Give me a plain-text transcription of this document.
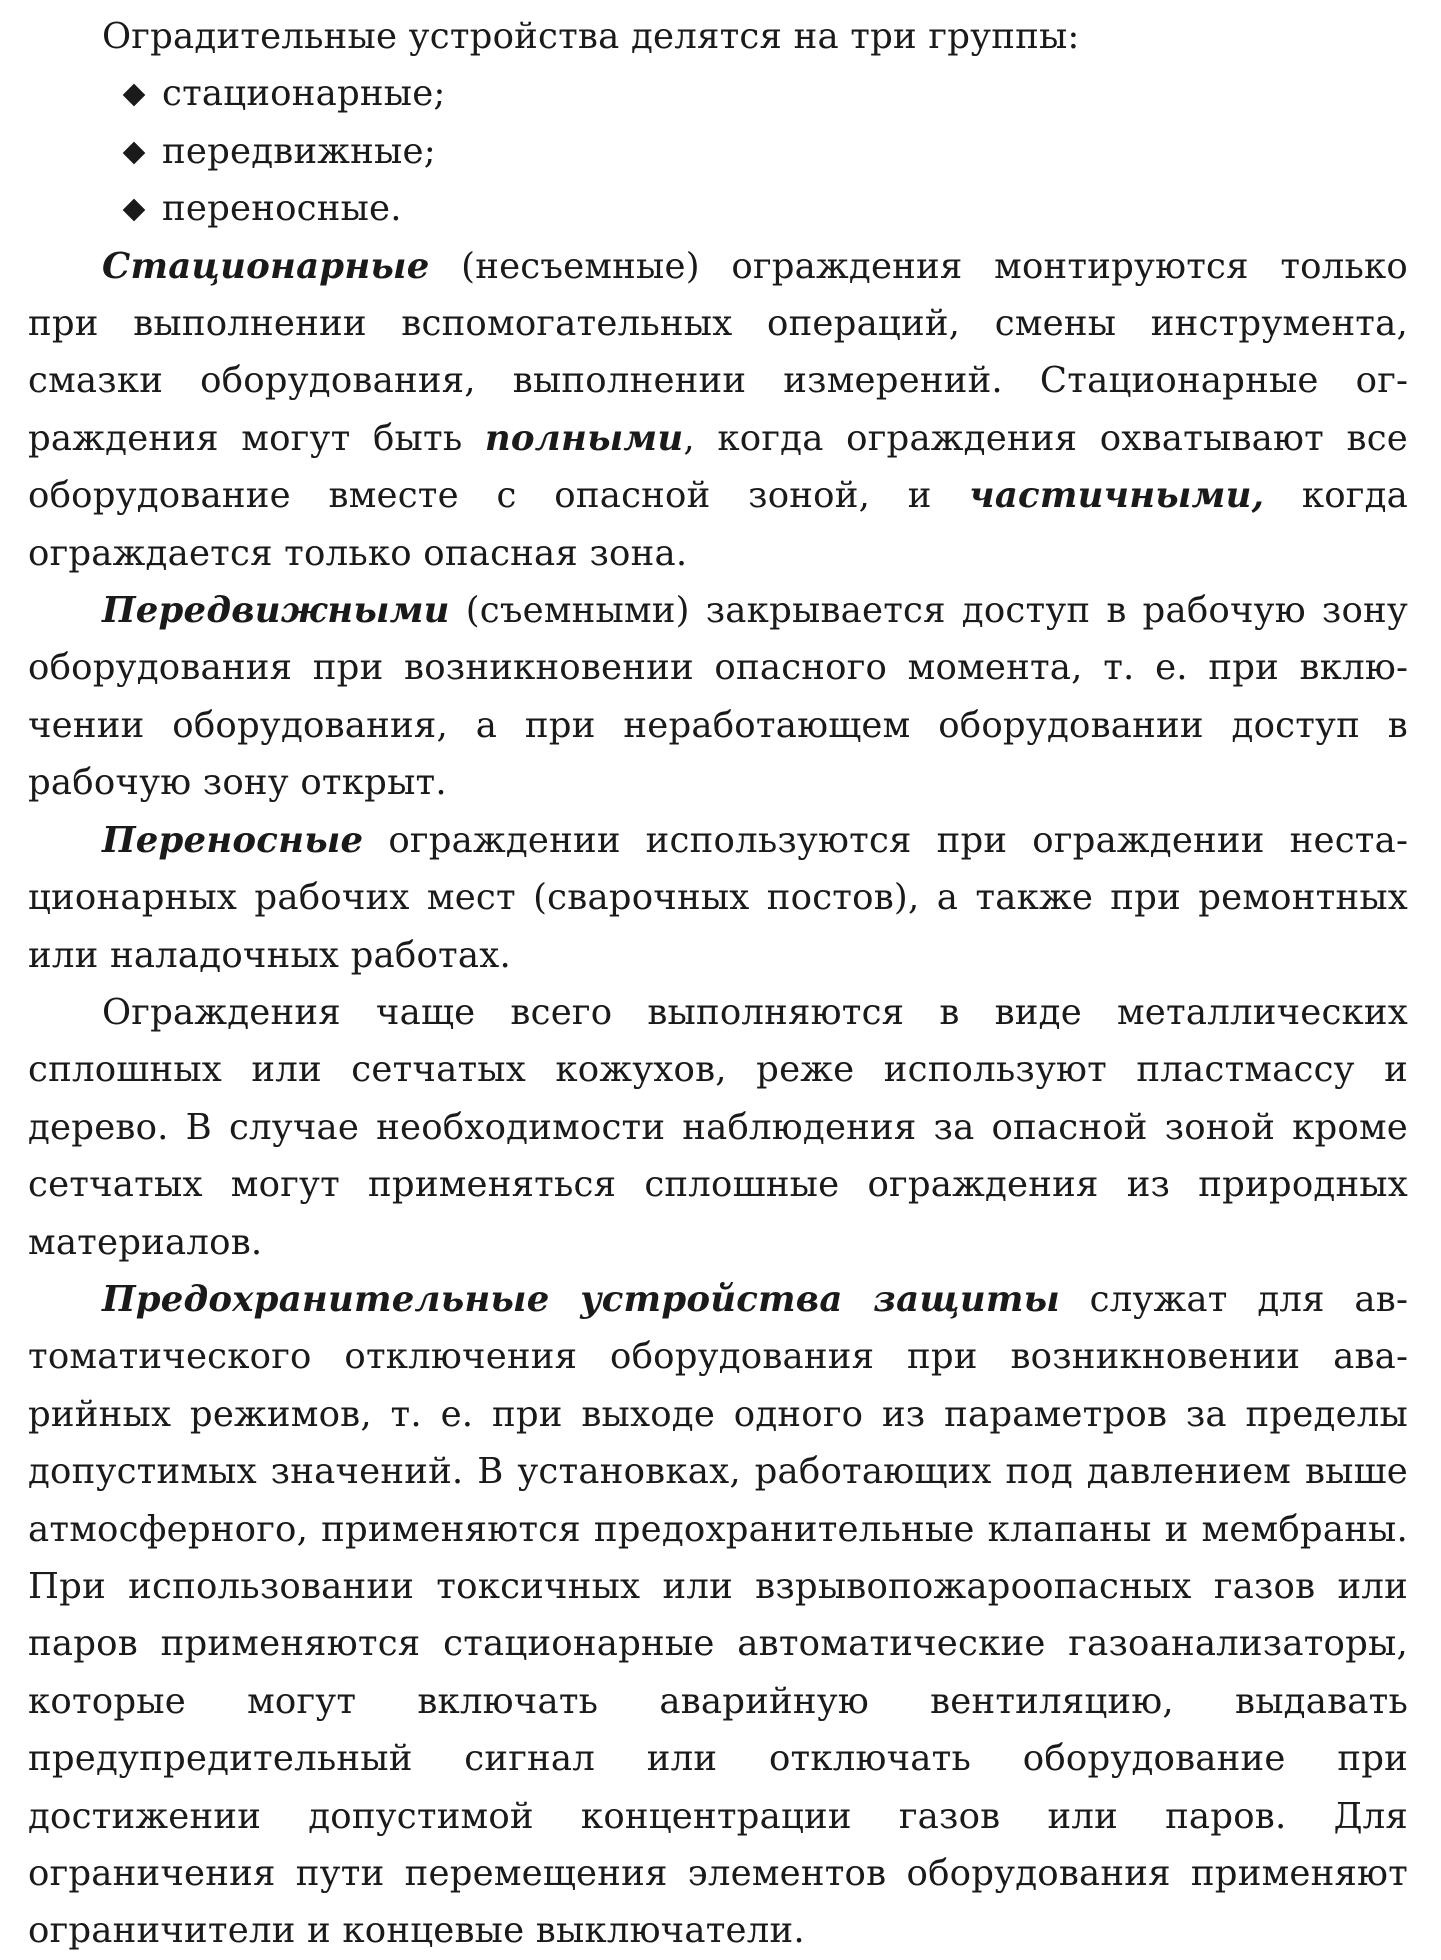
Оградительные устройства делятся на три группы:

стационарные;
передвижные;
переносные.

Стационарные (несъемные) ограждения монтируются только при выполнении вспомогательных операций, смены инструмента, смазки оборудования, выполнении измерений. Стационарные ограждения могут быть полными, когда ограждения охватывают все оборудование вместе с опасной зоной, и частичными, когда ограждается только опасная зона.

Передвижными (съемными) закрывается доступ в рабочую зону оборудования при возникновении опасного момента, т. е. при включении оборудования, а при неработающем оборудовании доступ в рабочую зону открыт.

Переносные ограждении используются при ограждении нестационарных рабочих мест (сварочных постов), а также при ремонтных или наладочных работах.

Ограждения чаще всего выполняются в виде металлических сплошных или сетчатых кожухов, реже используют пластмассу и дерево. В случае необходимости наблюдения за опасной зоной кроме сетчатых могут применяться сплошные ограждения из природных материалов.

Предохранительные устройства защиты служат для автоматического отключения оборудования при возникновении аварийных режимов, т. е. при выходе одного из параметров за пределы допустимых значений. В установках, работающих под давлением выше атмосферного, применяются предохранительные клапаны и мембраны. При использовании токсичных или взрывопожароопасных газов или паров применяются стационарные автоматические газоанализаторы, которые могут включать аварийную вентиляцию, выдавать предупредительный сигнал или отключать оборудование при достижении допустимой концентрации газов или паров. Для ограничения пути перемещения элементов оборудования применяют ограничители и концевые выключатели.
